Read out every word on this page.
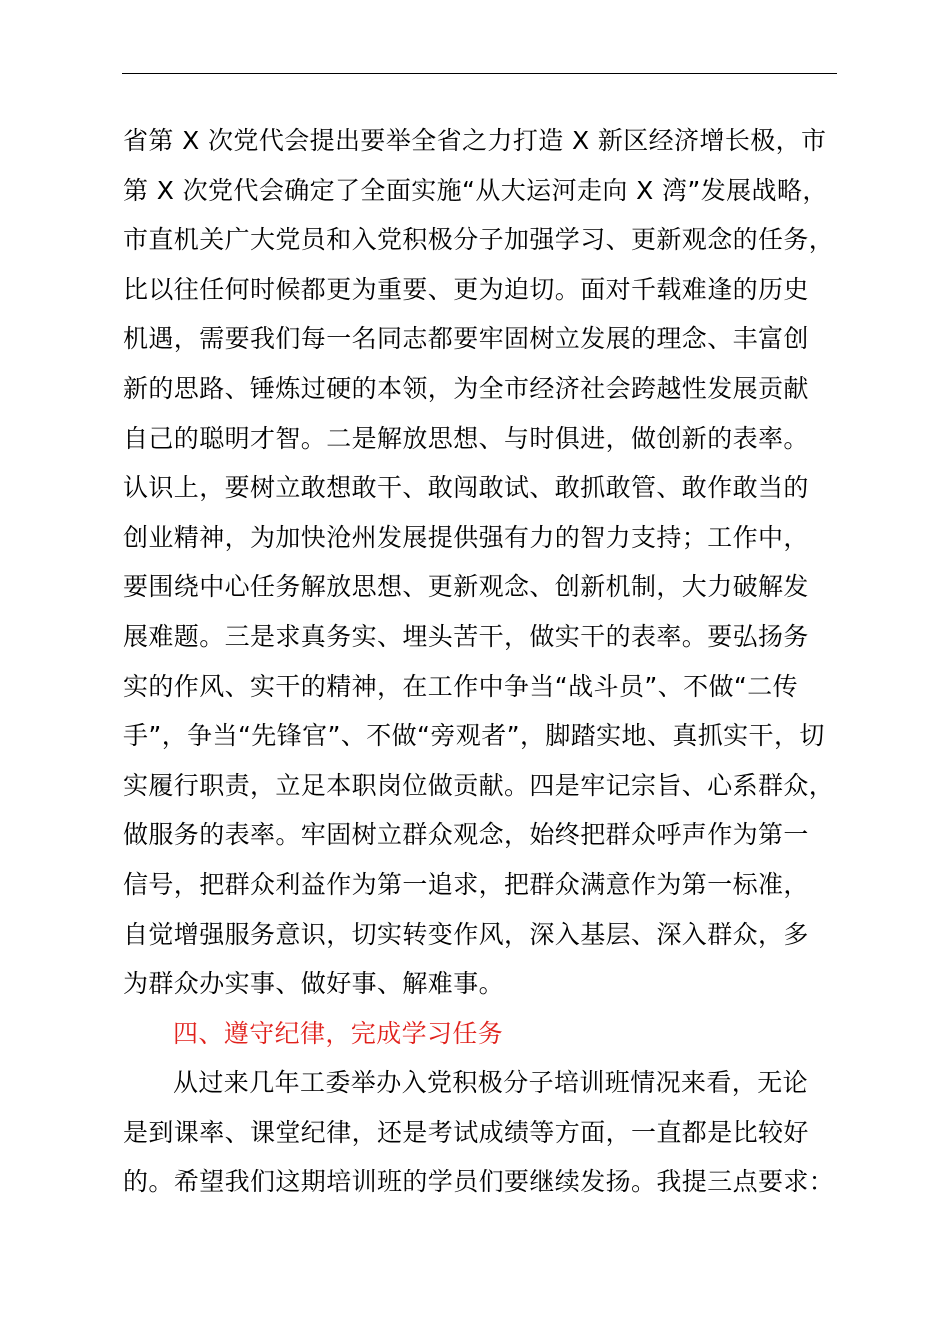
省第 X 次党代会提出要举全省之力打造 X 新区经济增长极，市
第 X 次党代会确定了全面实施“从大运河走向 X 湾”发展战略，
市直机关广大党员和入党积极分子加强学习、更新观念的任务，
比以往任何时候都更为重要、更为迫切。面对千载难逢的历史
机遇，需要我们每一名同志都要牢固树立发展的理念、丰富创
新的思路、锤炼过硬的本领，为全市经济社会跨越性发展贡献
自己的聪明才智。二是解放思想、与时俱进，做创新的表率。
认识上，要树立敢想敢干、敢闯敢试、敢抓敢管、敢作敢当的
创业精神，为加快沧州发展提供强有力的智力支持；工作中，
要围绕中心任务解放思想、更新观念、创新机制，大力破解发
展难题。三是求真务实、埋头苦干，做实干的表率。要弘扬务
实的作风、实干的精神，在工作中争当“战斗员”、不做“二传
手”，争当“先锋官”、不做“旁观者”，脚踏实地、真抓实干，切
实履行职责，立足本职岗位做贡献。四是牢记宗旨、心系群众，
做服务的表率。牢固树立群众观念，始终把群众呼声作为第一
信号，把群众利益作为第一追求，把群众满意作为第一标准，
自觉增强服务意识，切实转变作风，深入基层、深入群众，多
为群众办实事、做好事、解难事。
四、遵守纪律，完成学习任务
从过来几年工委举办入党积极分子培训班情况来看，无论
是到课率、课堂纪律，还是考试成绩等方面，一直都是比较好
的。希望我们这期培训班的学员们要继续发扬。我提三点要求：
